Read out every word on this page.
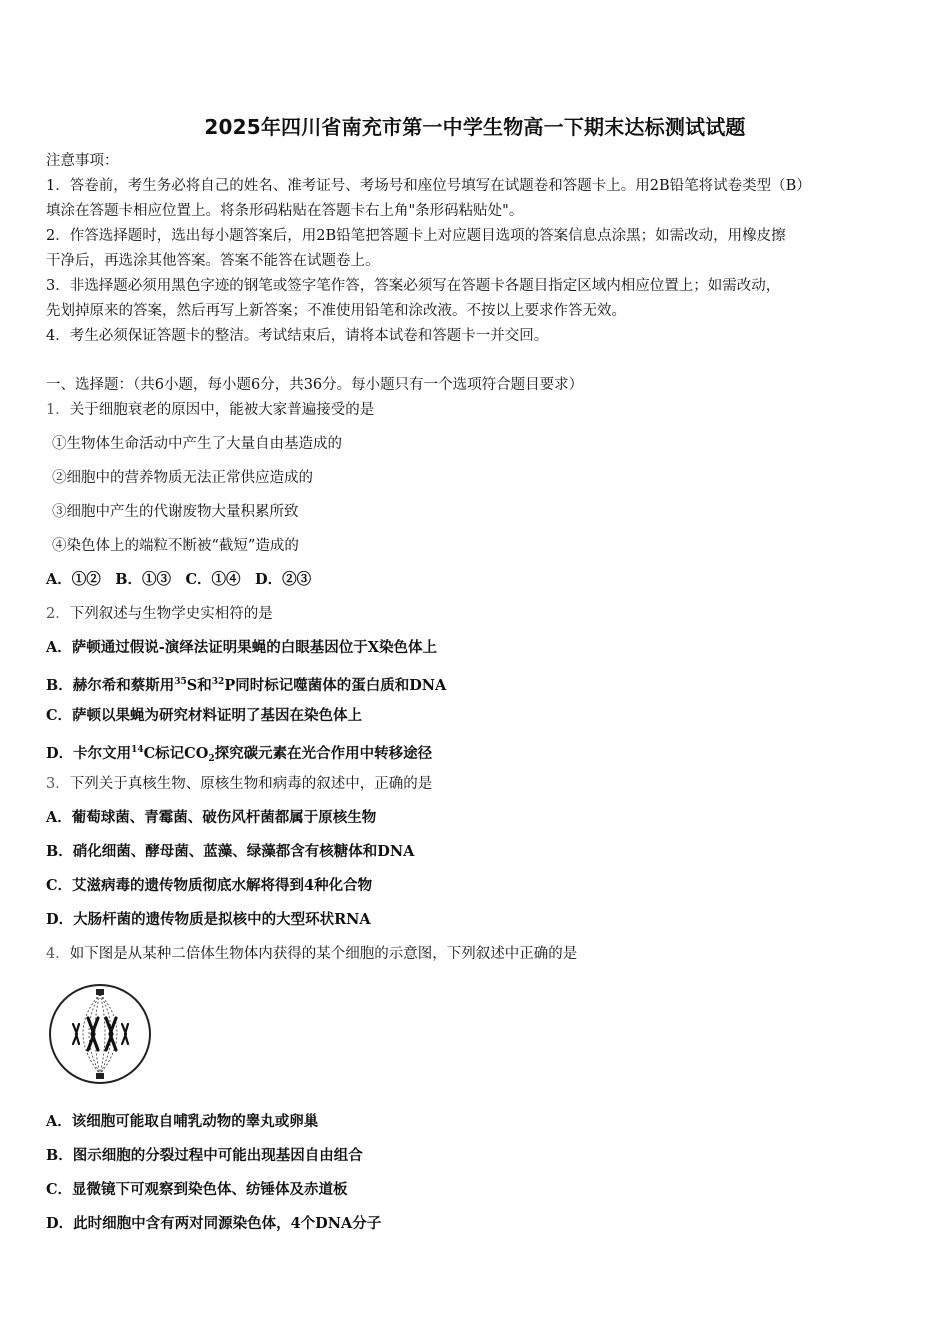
2025年四川省南充市第一中学生物高一下期末达标测试试题
注意事项：
1．答卷前，考生务必将自己的姓名、准考证号、考场号和座位号填写在试题卷和答题卡上。用2B铅笔将试卷类型（B）
填涂在答题卡相应位置上。将条形码粘贴在答题卡右上角"条形码粘贴处"。
2．作答选择题时，选出每小题答案后，用2B铅笔把答题卡上对应题目选项的答案信息点涂黑；如需改动，用橡皮擦
干净后，再选涂其他答案。答案不能答在试题卷上。
3．非选择题必须用黑色字迹的钢笔或签字笔作答，答案必须写在答题卡各题目指定区域内相应位置上；如需改动，
先划掉原来的答案，然后再写上新答案；不准使用铅笔和涂改液。不按以上要求作答无效。
4．考生必须保证答题卡的整洁。考试结束后，请将本试卷和答题卡一并交回。
一、选择题：（共6小题，每小题6分，共36分。每小题只有一个选项符合题目要求）
1．关于细胞衰老的原因中，能被大家普遍接受的是
①生物体生命活动中产生了大量自由基造成的
②细胞中的营养物质无法正常供应造成的
③细胞中产生的代谢废物大量积累所致
④染色体上的端粒不断被“截短”造成的
A．①②　B．①③　C．①④　D．②③
2．下列叙述与生物学史实相符的是
A．萨顿通过假说-演绎法证明果蝇的白眼基因位于X染色体上
B．赫尔希和蔡斯用$^{35}$S和$^{32}$P同时标记噬菌体的蛋白质和DNA
C．萨顿以果蝇为研究材料证明了基因在染色体上
D．卡尔文用$^{14}$C标记$CO_2$探究碳元素在光合作用中转移途径
3．下列关于真核生物、原核生物和病毒的叙述中，正确的是
A．葡萄球菌、青霉菌、破伤风杆菌都属于原核生物
B．硝化细菌、酵母菌、蓝藻、绿藻都含有核糖体和DNA
C．艾滋病毒的遗传物质彻底水解将得到4种化合物
D．大肠杆菌的遗传物质是拟核中的大型环状RNA
4．如下图是从某种二倍体生物体内获得的某个细胞的示意图，下列叙述中正确的是
A．该细胞可能取自哺乳动物的睾丸或卵巢
B．图示细胞的分裂过程中可能出现基因自由组合
C．显微镜下可观察到染色体、纺锤体及赤道板
D．此时细胞中含有两对同源染色体，4个DNA分子
